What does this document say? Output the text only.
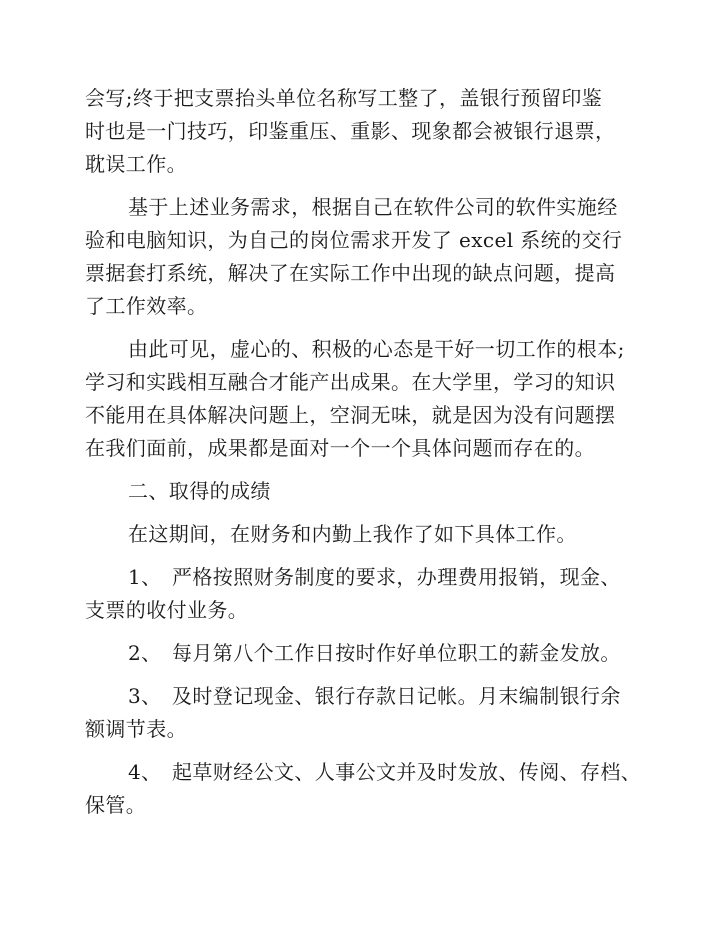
会写;终于把支票抬头单位名称写工整了，盖银行预留印鉴
时也是一门技巧，印鉴重压、重影、现象都会被银行退票，
耽误工作。

基于上述业务需求，根据自己在软件公司的软件实施经
验和电脑知识，为自己的岗位需求开发了 excel 系统的交行
票据套打系统，解决了在实际工作中出现的缺点问题，提高
了工作效率。

由此可见，虚心的、积极的心态是干好一切工作的根本;
学习和实践相互融合才能产出成果。在大学里，学习的知识
不能用在具体解决问题上，空洞无味，就是因为没有问题摆
在我们面前，成果都是面对一个一个具体问题而存在的。

二、取得的成绩

在这期间，在财务和内勤上我作了如下具体工作。

1、 严格按照财务制度的要求，办理费用报销，现金、
支票的收付业务。

2、 每月第八个工作日按时作好单位职工的薪金发放。

3、 及时登记现金、银行存款日记帐。月末编制银行余
额调节表。

4、 起草财经公文、人事公文并及时发放、传阅、存档、
保管。
